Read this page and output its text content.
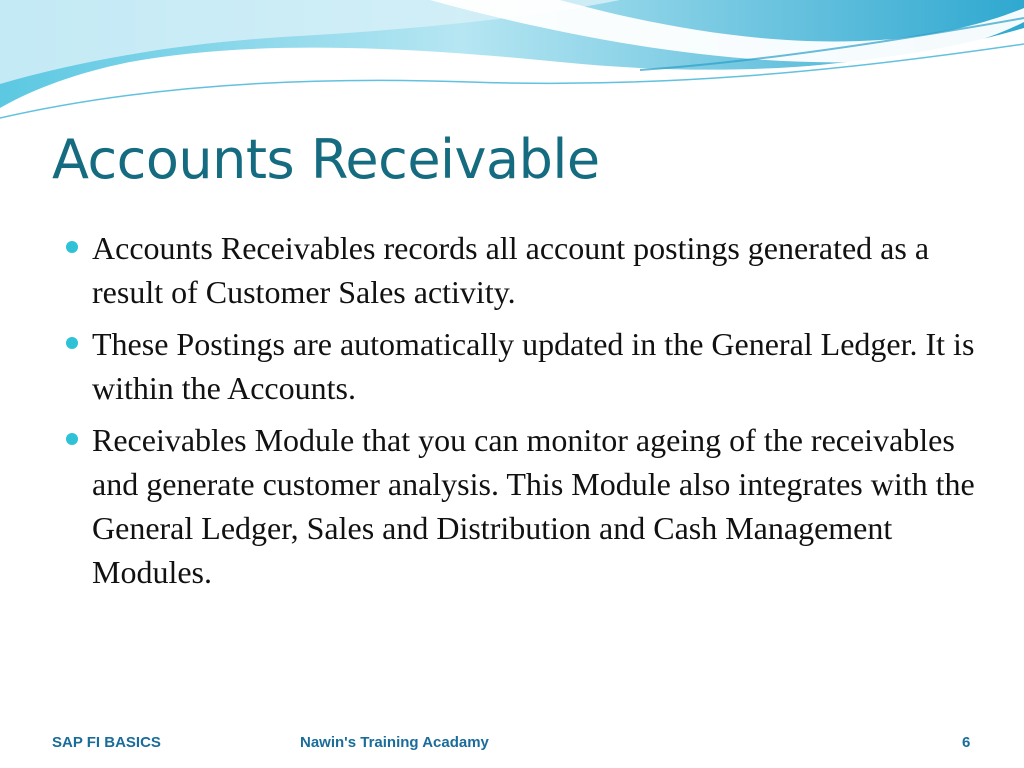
Accounts Receivable
Accounts Receivables records all account postings generated as a result of Customer Sales activity.
These Postings are automatically updated in the General Ledger. It is within the Accounts.
Receivables Module that you can monitor ageing of the receivables and generate customer analysis. This Module also integrates with the General Ledger, Sales and Distribution and Cash Management Modules.
SAP FI BASICS	Nawin's Training Acadamy	6
